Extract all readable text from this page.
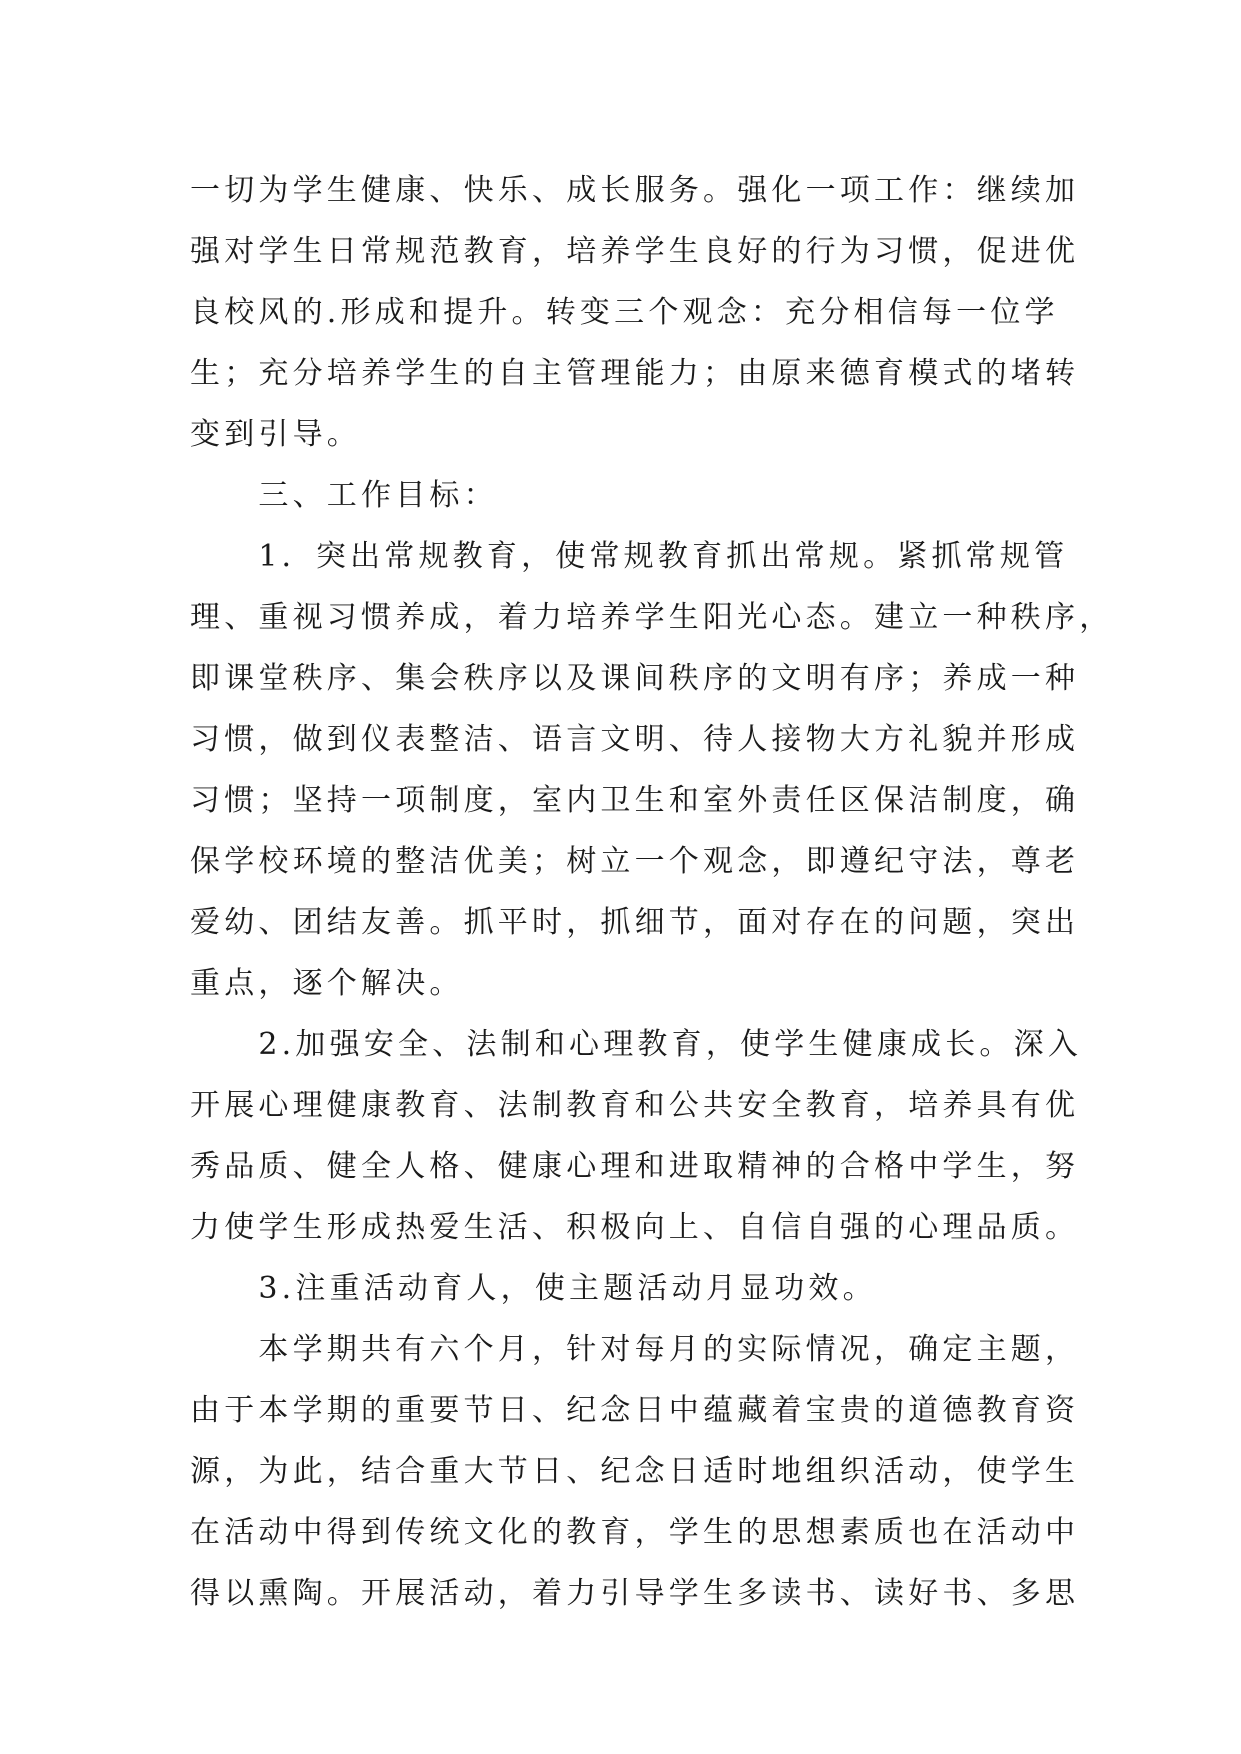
一切为学生健康、快乐、成长服务。强化一项工作：继续加
强对学生日常规范教育，培养学生良好的行为习惯，促进优
良校风的.形成和提升。转变三个观念：充分相信每一位学
生；充分培养学生的自主管理能力；由原来德育模式的堵转
变到引导。
　　三、工作目标：
　　1．突出常规教育，使常规教育抓出常规。紧抓常规管
理、重视习惯养成，着力培养学生阳光心态。建立一种秩序，
即课堂秩序、集会秩序以及课间秩序的文明有序；养成一种
习惯，做到仪表整洁、语言文明、待人接物大方礼貌并形成
习惯；坚持一项制度，室内卫生和室外责任区保洁制度，确
保学校环境的整洁优美；树立一个观念，即遵纪守法，尊老
爱幼、团结友善。抓平时，抓细节，面对存在的问题，突出
重点，逐个解决。
　　2.加强安全、法制和心理教育，使学生健康成长。深入
开展心理健康教育、法制教育和公共安全教育，培养具有优
秀品质、健全人格、健康心理和进取精神的合格中学生，努
力使学生形成热爱生活、积极向上、自信自强的心理品质。
　　3.注重活动育人，使主题活动月显功效。
　　本学期共有六个月，针对每月的实际情况，确定主题，
由于本学期的重要节日、纪念日中蕴藏着宝贵的道德教育资
源，为此，结合重大节日、纪念日适时地组织活动，使学生
在活动中得到传统文化的教育，学生的思想素质也在活动中
得以熏陶。开展活动，着力引导学生多读书、读好书、多思
